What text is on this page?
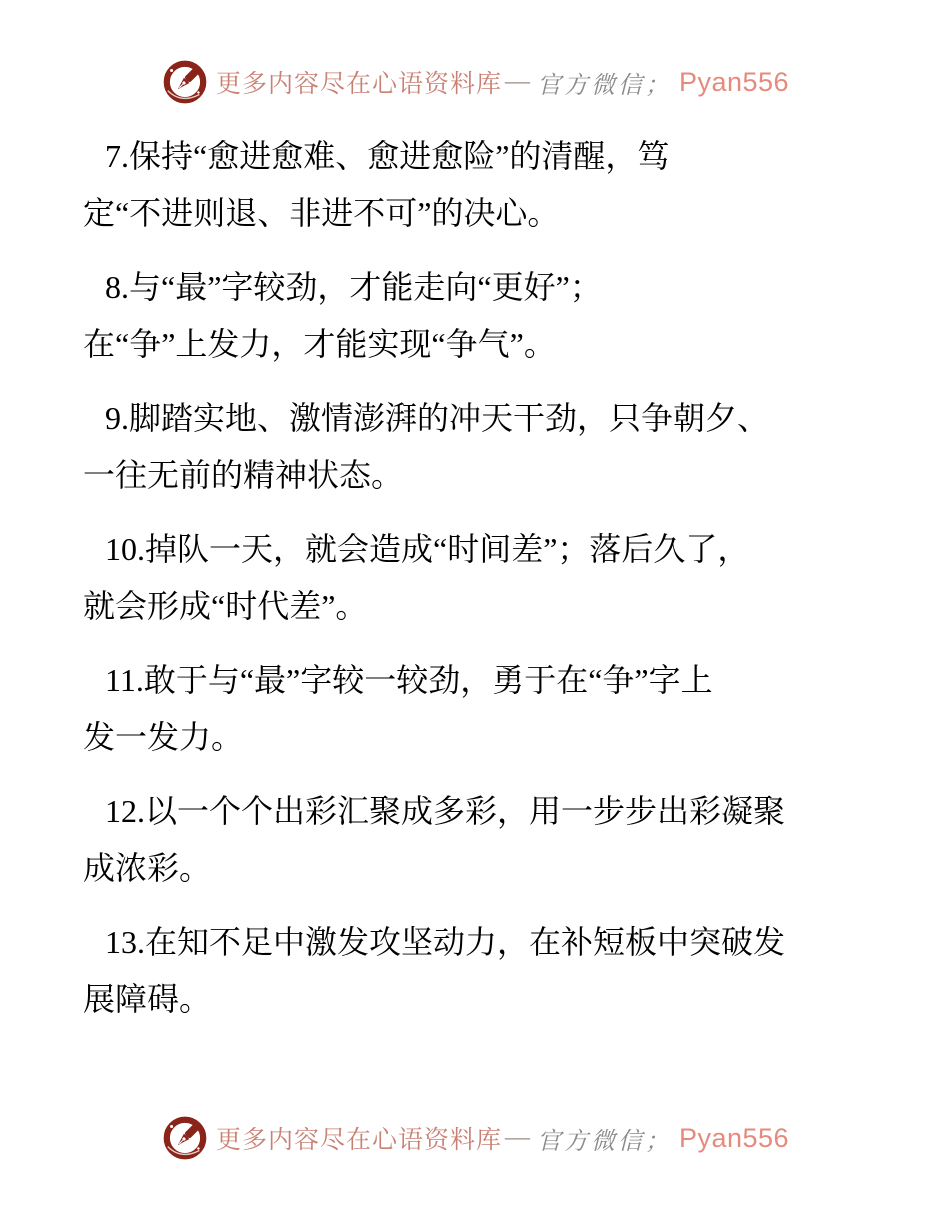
更多内容尽在心语资料库 — 官方微信； Pyan556

7.保持“愈进愈难、愈进愈险”的清醒，笃
定“不进则退、非进不可”的决心。

8.与“最”字较劲，才能走向“更好”；
在“争”上发力，才能实现“争气”。

9.脚踏实地、激情澎湃的冲天干劲，只争朝夕、
一往无前的精神状态。

10.掉队一天，就会造成“时间差”；落后久了，
就会形成“时代差”。

11.敢于与“最”字较一较劲，勇于在“争”字上
发一发力。

12.以一个个出彩汇聚成多彩，用一步步出彩凝聚
成浓彩。

13.在知不足中激发攻坚动力，在补短板中突破发
展障碍。

更多内容尽在心语资料库 — 官方微信； Pyan556
